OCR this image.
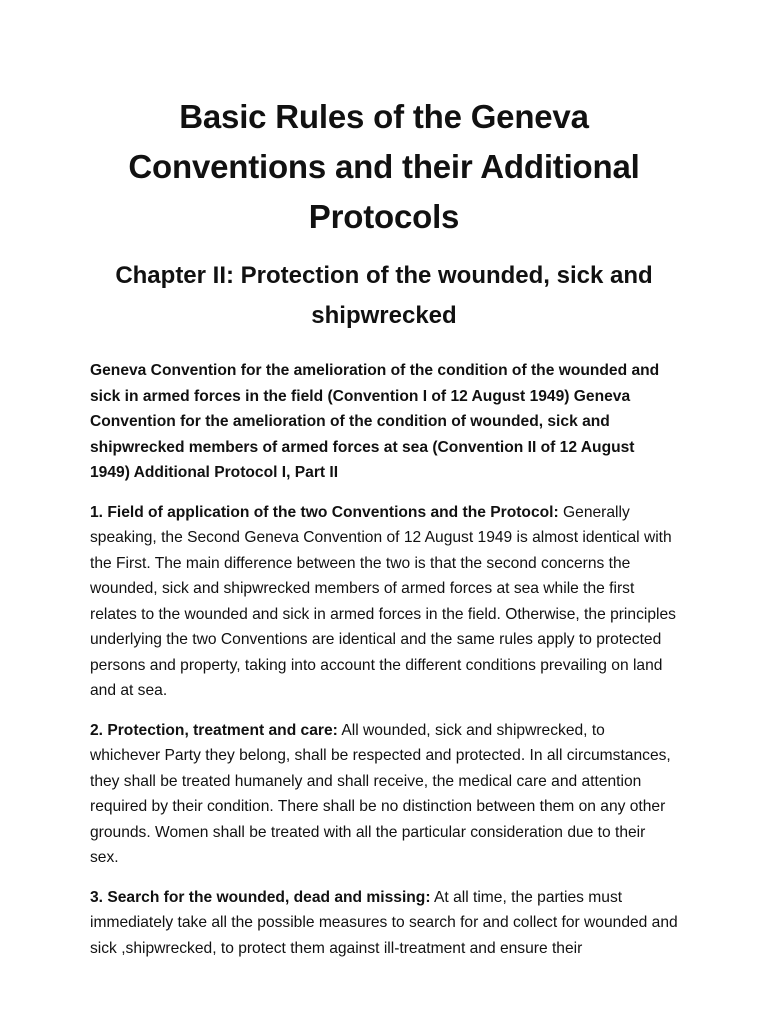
Basic Rules of the Geneva Conventions and their Additional Protocols
Chapter II: Protection of the wounded, sick and shipwrecked

Geneva Convention for the amelioration of the condition of the wounded and sick in armed forces in the field (Convention I of 12 August 1949) Geneva Convention for the amelioration of the condition of wounded, sick and shipwrecked members of armed forces at sea (Convention II of 12 August 1949) Additional Protocol I, Part II

1. Field of application of the two Conventions and the Protocol: Generally speaking, the Second Geneva Convention of 12 August 1949 is almost identical with the First. The main difference between the two is that the second concerns the wounded, sick and shipwrecked members of armed forces at sea while the first relates to the wounded and sick in armed forces in the field. Otherwise, the principles underlying the two Conventions are identical and the same rules apply to protected persons and property, taking into account the different conditions prevailing on land and at sea.

2. Protection, treatment and care: All wounded, sick and shipwrecked, to whichever Party they belong, shall be respected and protected. In all circumstances, they shall be treated humanely and shall receive, the medical care and attention required by their condition. There shall be no distinction between them on any other grounds. Women shall be treated with all the particular consideration due to their sex.

3. Search for the wounded, dead and missing: At all time, the parties must immediately take all the possible measures to search for and collect for wounded and sick ,shipwrecked, to protect them against ill-treatment and ensure their
